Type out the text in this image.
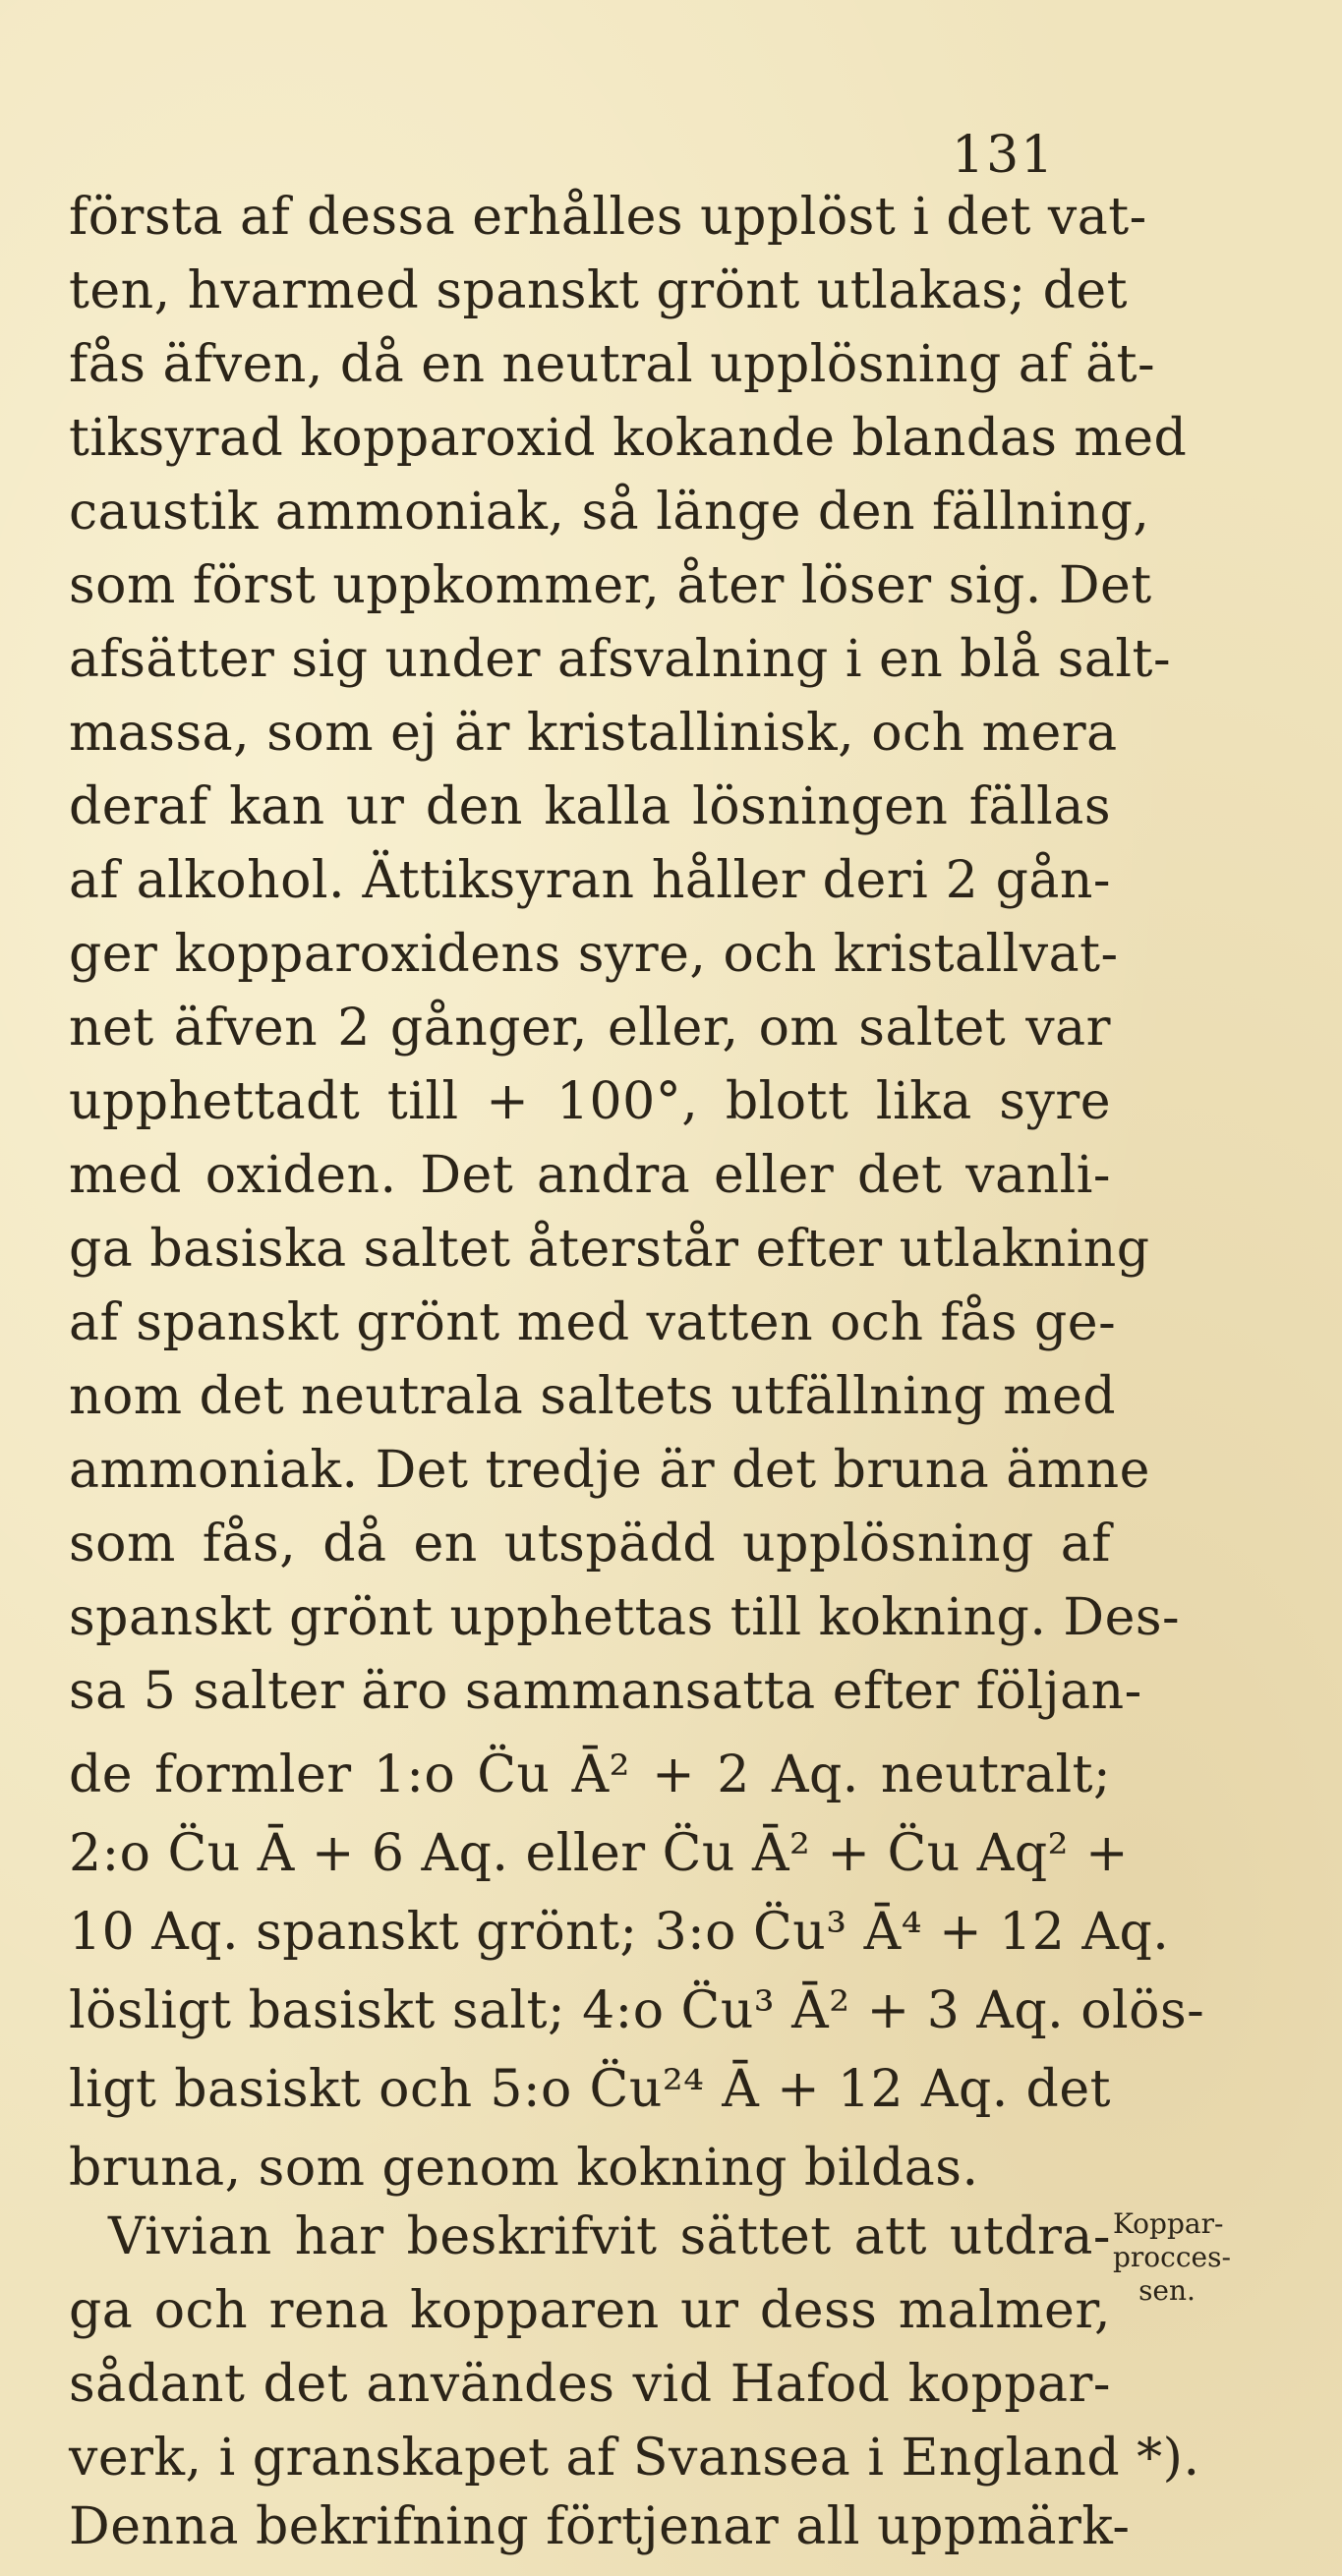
131
första af dessa erhålles upplöst i det vat-
ten, hvarmed spanskt grönt utlakas; det
fås äfven, då en neutral upplösning af ät-
tiksyrad kopparoxid kokande blandas med
caustik ammoniak, så länge den fällning,
som först uppkommer, åter löser sig. Det
afsätter sig under afsvalning i en blå salt-
massa, som ej är kristallinisk, och mera
deraf kan ur den kalla lösningen fällas
af alkohol. Ättiksyran håller deri 2 gån-
ger kopparoxidens syre, och kristallvat-
net äfven 2 gånger, eller, om saltet var
upphettadt till + 100°, blott lika syre
med oxiden. Det andra eller det vanli-
ga basiska saltet återstår efter utlakning
af spanskt grönt med vatten och fås ge-
nom det neutrala saltets utfällning med
ammoniak. Det tredje är det bruna ämne
som fås, då en utspädd upplösning af
spanskt grönt upphettas till kokning. Des-
sa 5 salter äro sammansatta efter följan-
de formler 1:o C̈u Ā² + 2 Aq. neutralt;
2:o C̈u Ā + 6 Aq. eller C̈u Ā² + C̈u Aq² +
10 Aq. spanskt grönt; 3:o C̈u³ Ā⁴ + 12 Aq.
lösligt basiskt salt; 4:o C̈u³ Ā² + 3 Aq. olös-
ligt basiskt och 5:o C̈u²⁴ Ā + 12 Aq. det
bruna, som genom kokning bildas.
Vivian har beskrifvit sättet att utdra-
ga och rena kopparen ur dess malmer,
sådant det användes vid Hafod koppar-
verk, i granskapet af Svansea i England *).
Denna bekrifning förtjenar all uppmärk-
Koppar-
procces-
sen.
